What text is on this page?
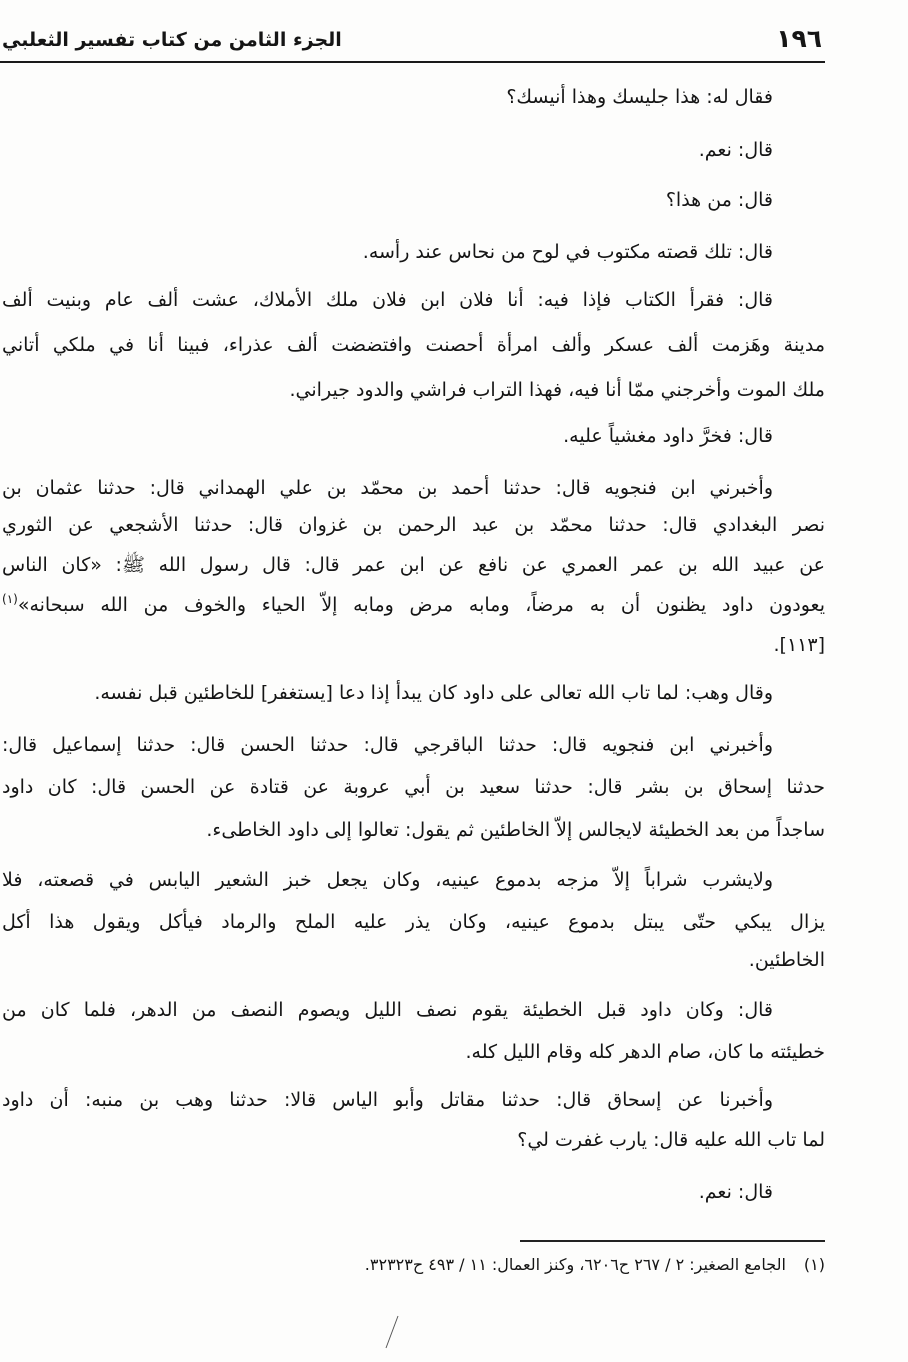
١٩٦
الجزء الثامن من كتاب تفسير الثعلبي
فقال له: هذا جليسك وهذا أنيسك؟
قال: نعم.
قال: من هذا؟
قال: تلك قصته مكتوب في لوح من نحاس عند رأسه.
قال: فقرأ الكتاب فإذا فيه: أنا فلان ابن فلان ملك الأملاك، عشت ألف عام وبنيت ألف
مدينة وهَزمت ألف عسكر وألف امرأة أحصنت وافتضضت ألف عذراء، فبينا أنا في ملكي أتاني
ملك الموت وأخرجني ممّا أنا فيه، فهذا التراب فراشي والدود جيراني.
قال: فخرَّ داود مغشياً عليه.
وأخبرني ابن فنجويه قال: حدثنا أحمد بن محمّد بن علي الهمداني قال: حدثنا عثمان بن
نصر البغدادي قال: حدثنا محمّد بن عبد الرحمن بن غزوان قال: حدثنا الأشجعي عن الثوري
عن عبيد الله بن عمر العمري عن نافع عن ابن عمر قال: قال رسول الله ﷺ: «كان الناس
يعودون داود يظنون أن به مرضاً، ومابه مرض ومابه إلاّ الحياء والخوف من الله سبحانه»$^{(١)}$
[١١٣].
وقال وهب: لما تاب الله تعالى على داود كان يبدأ إذا دعا [يستغفر] للخاطئين قبل نفسه.
وأخبرني ابن فنجويه قال: حدثنا الباقرجي قال: حدثنا الحسن قال: حدثنا إسماعيل قال:
حدثنا إسحاق بن بشر قال: حدثنا سعيد بن أبي عروبة عن قتادة عن الحسن قال: كان داود
ساجداً من بعد الخطيئة لايجالس إلاّ الخاطئين ثم يقول: تعالوا إلى داود الخاطىء.
ولايشرب شراباً إلاّ مزجه بدموع عينيه، وكان يجعل خبز الشعير اليابس في قصعته، فلا
يزال يبكي حتّى يبتل بدموع عينيه، وكان يذر عليه الملح والرماد فيأكل ويقول هذا أكل
الخاطئين.
قال: وكان داود قبل الخطيئة يقوم نصف الليل ويصوم النصف من الدهر، فلما كان من
خطيئته ما كان، صام الدهر كله وقام الليل كله.
وأخبرنا عن إسحاق قال: حدثنا مقاتل وأبو الياس قالا: حدثنا وهب بن منبه: أن داود
لما تاب الله عليه قال: يارب غفرت لي؟
قال: نعم.
(١)الجامع الصغير: ٢ / ٢٦٧ ح٦٢٠٦، وكنز العمال: ١١ / ٤٩٣ ح٣٢٣٢٣.
